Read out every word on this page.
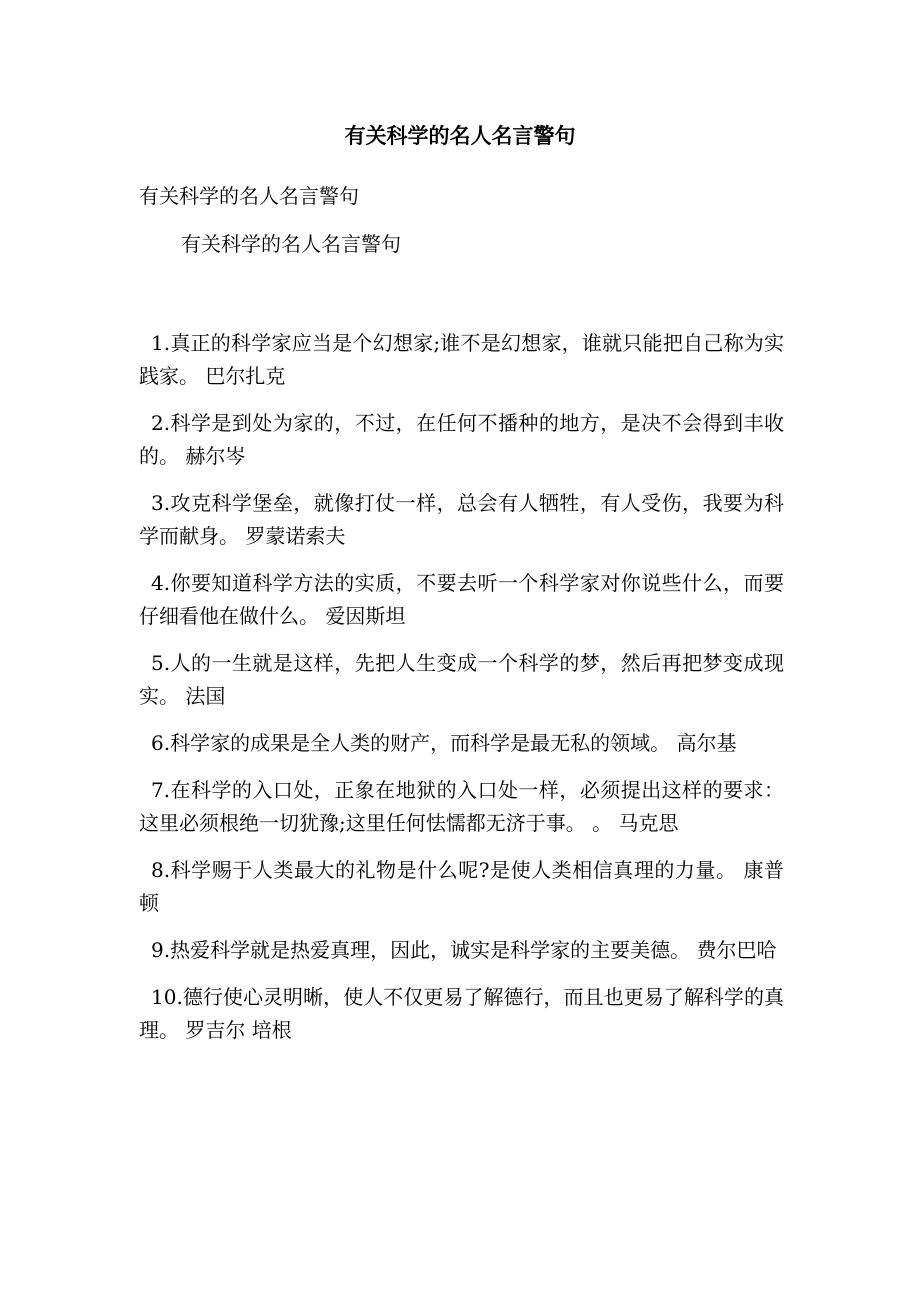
有关科学的名人名言警句
有关科学的名人名言警句
有关科学的名人名言警句
1.真正的科学家应当是个幻想家;谁不是幻想家，谁就只能把自己称为实践家。 巴尔扎克
2.科学是到处为家的，不过，在任何不播种的地方，是决不会得到丰收的。 赫尔岑
3.攻克科学堡垒，就像打仗一样，总会有人牺牲，有人受伤，我要为科学而献身。 罗蒙诺索夫
4.你要知道科学方法的实质，不要去听一个科学家对你说些什么，而要仔细看他在做什么。 爱因斯坦
5.人的一生就是这样，先把人生变成一个科学的梦，然后再把梦变成现实。 法国
6.科学家的成果是全人类的财产，而科学是最无私的领域。 高尔基
7.在科学的入口处，正象在地狱的入口处一样，必须提出这样的要求： 这里必须根绝一切犹豫;这里任何怯懦都无济于事。 。 马克思
8.科学赐于人类最大的礼物是什么呢?是使人类相信真理的力量。 康普顿
9.热爱科学就是热爱真理，因此，诚实是科学家的主要美德。 费尔巴哈
10.德行使心灵明晰，使人不仅更易了解德行，而且也更易了解科学的真理。 罗吉尔 培根
